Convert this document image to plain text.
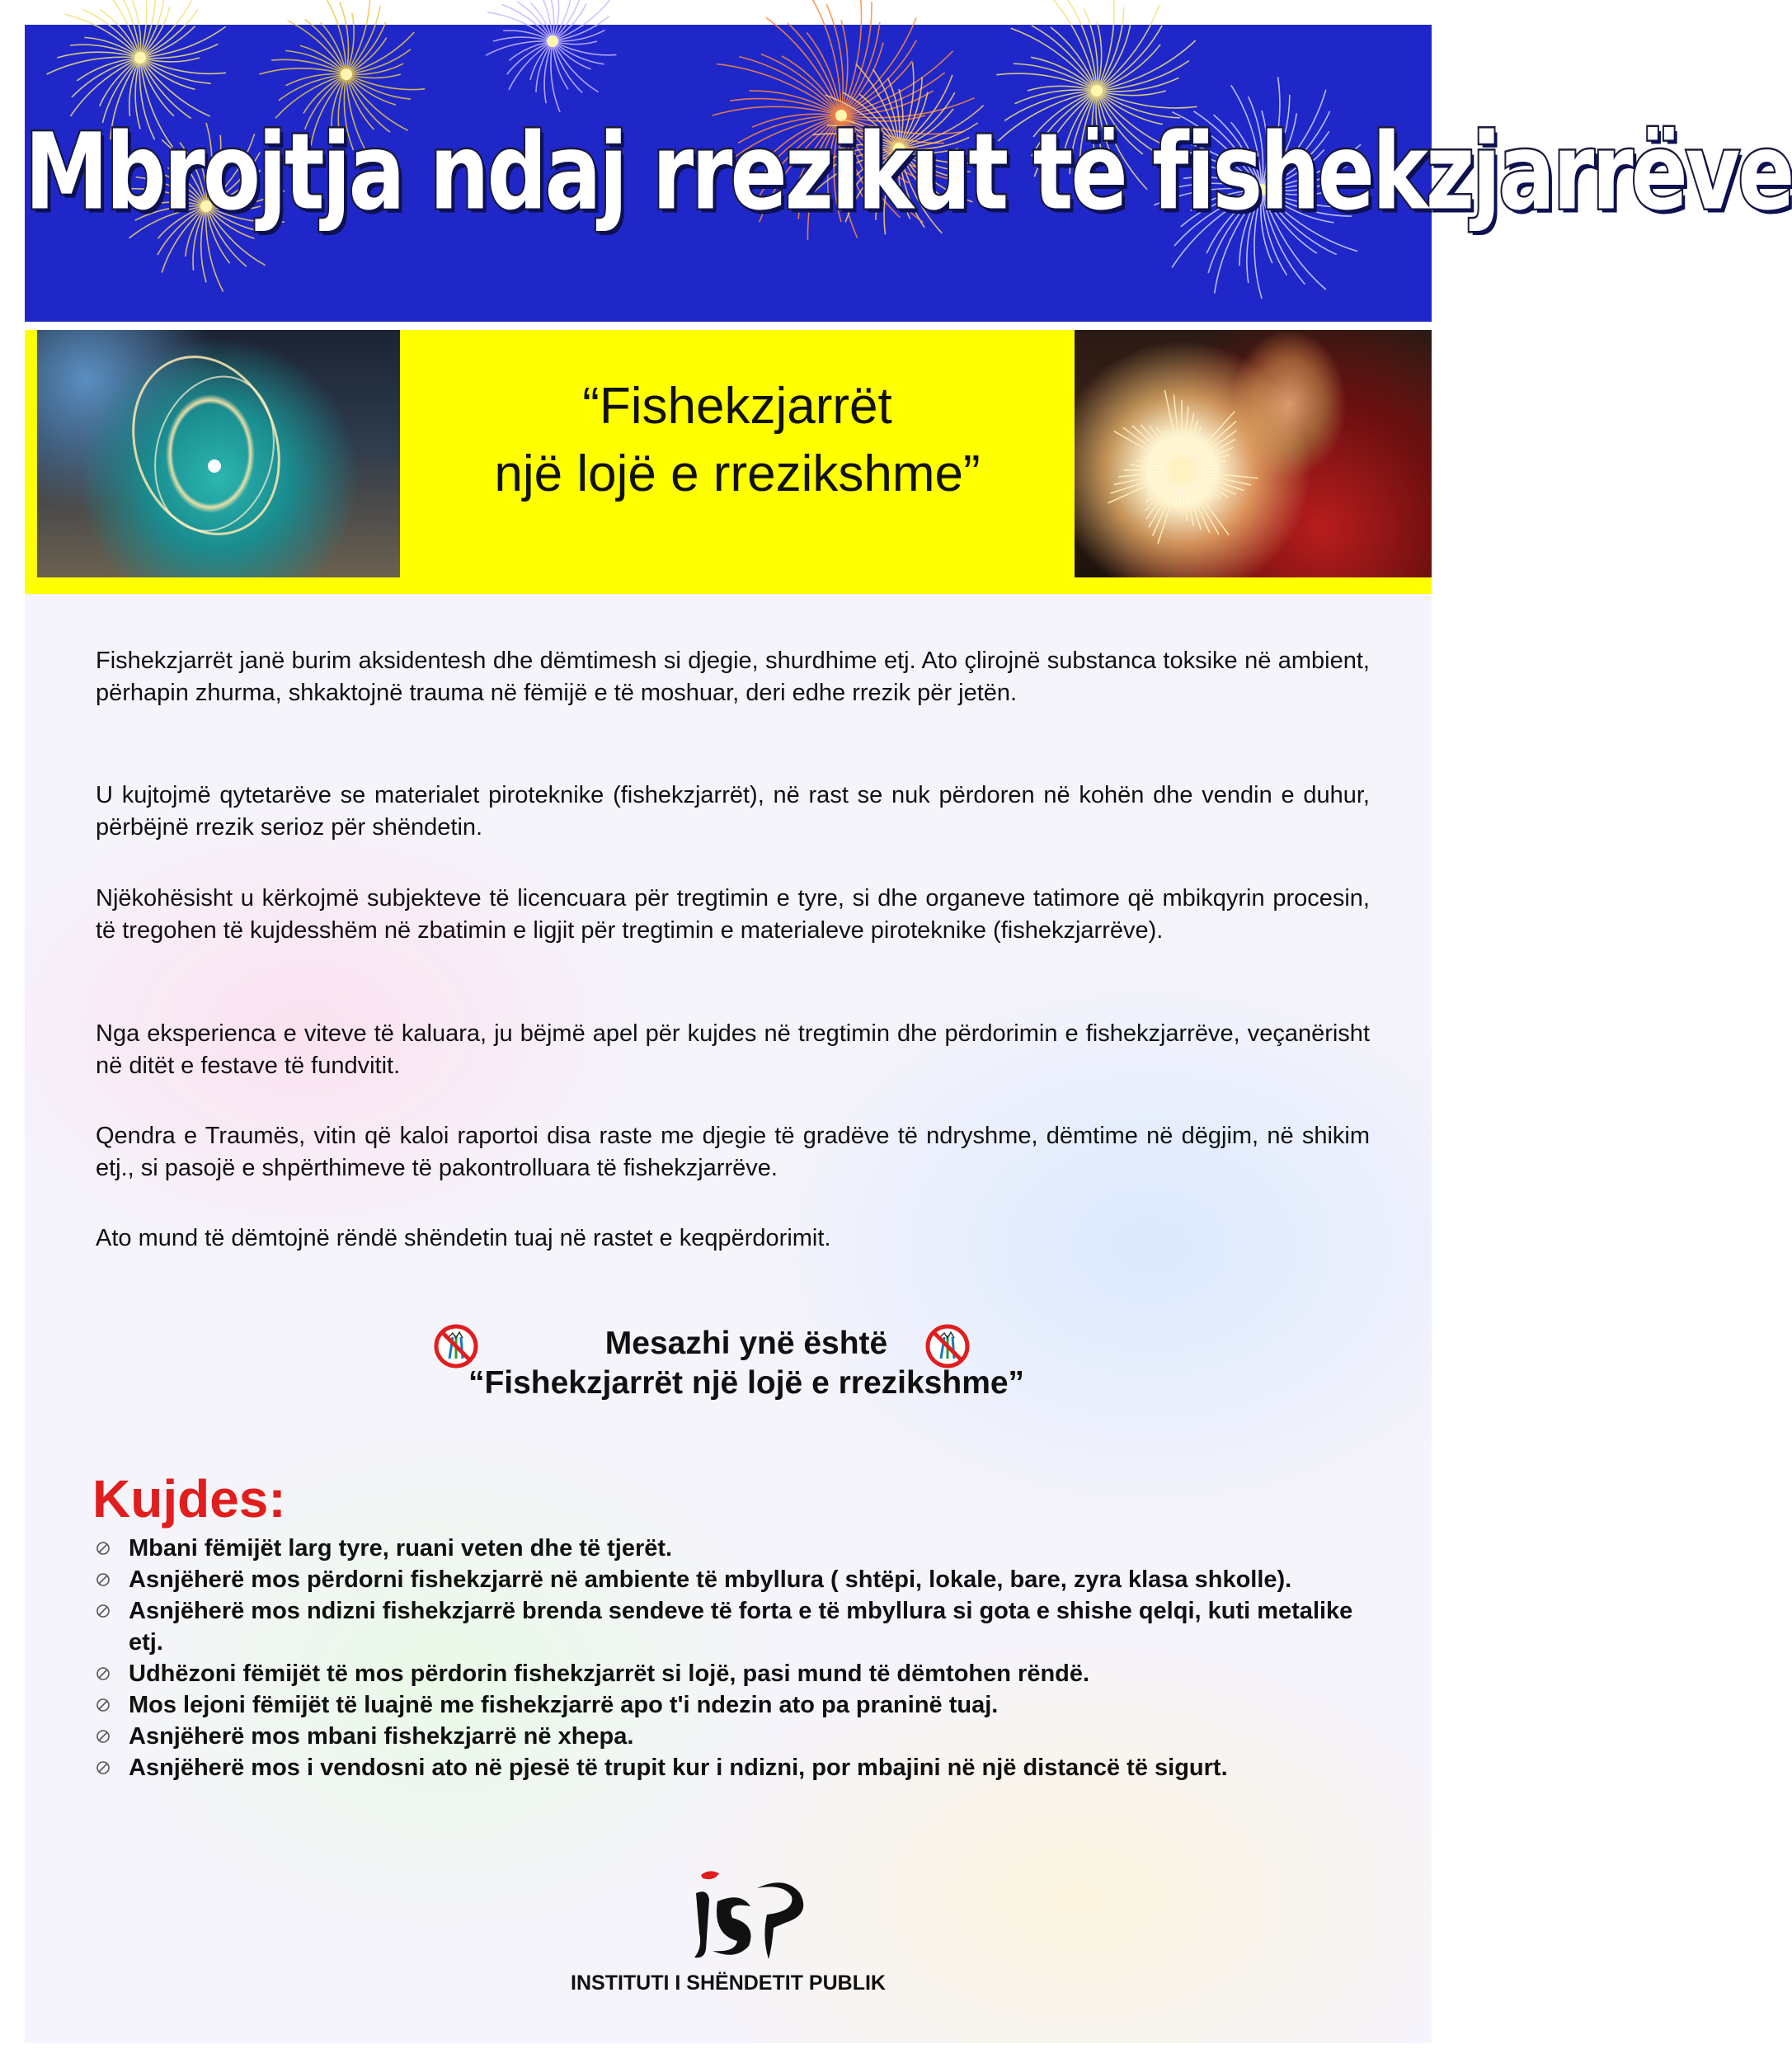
Mbrojtja ndaj rrezikut të fishekzjarrëve
“Fishekzjarrët
një lojë e rrezikshme”

Fishekzjarrët janë burim aksidentesh dhe dëmtimesh si djegie, shurdhime etj. Ato çlirojnë substanca toksike në ambient, përhapin zhurma, shkaktojnë trauma në fëmijë e të moshuar, deri edhe rrezik për jetën.

U kujtojmë qytetarëve se materialet piroteknike (fishekzjarrët), në rast se nuk përdoren në kohën dhe vendin e duhur, përbëjnë rrezik serioz për shëndetin.

Njëkohësisht u kërkojmë subjekteve të licencuara për tregtimin e tyre, si dhe organeve tatimore që mbikqyrin procesin, të tregohen të kujdesshëm në zbatimin e ligjit për tregtimin e materialeve piroteknike (fishekzjarrëve).

Nga eksperienca e viteve të kaluara, ju bëjmë apel për kujdes në tregtimin dhe përdorimin e fishekzjarrëve, veçanërisht në ditët e festave të fundvitit.

Qendra e Traumës, vitin që kaloi raportoi disa raste me djegie të gradëve të ndryshme, dëmtime në dëgjim, në shikim etj., si pasojë e shpërthimeve të pakontrolluara të fishekzjarrëve.

Ato mund të dëmtojnë rëndë shëndetin tuaj në rastet e keqpërdorimit.

Mesazhi ynë është
“Fishekzjarrët një lojë e rrezikshme”
Kujdes:
Mbani fëmijët larg tyre, ruani veten dhe të tjerët.
Asnjëherë mos përdorni fishekzjarrë në ambiente të mbyllura ( shtëpi, lokale, bare, zyra klasa shkolle).
Asnjëherë mos ndizni fishekzjarrë brenda sendeve të forta e të mbyllura si gota e shishe qelqi, kuti metalike etj.
Udhëzoni fëmijët të mos përdorin fishekzjarrët si lojë, pasi mund të dëmtohen rëndë.
Mos lejoni fëmijët të luajnë me fishekzjarrë apo t'i ndezin ato pa praninë tuaj.
Asnjëherë mos mbani fishekzjarrë në xhepa.
Asnjëherë mos i vendosni ato në pjesë të trupit kur i ndizni, por mbajini në një distancë të sigurt.
INSTITUTI I SHËNDETIT PUBLIK
